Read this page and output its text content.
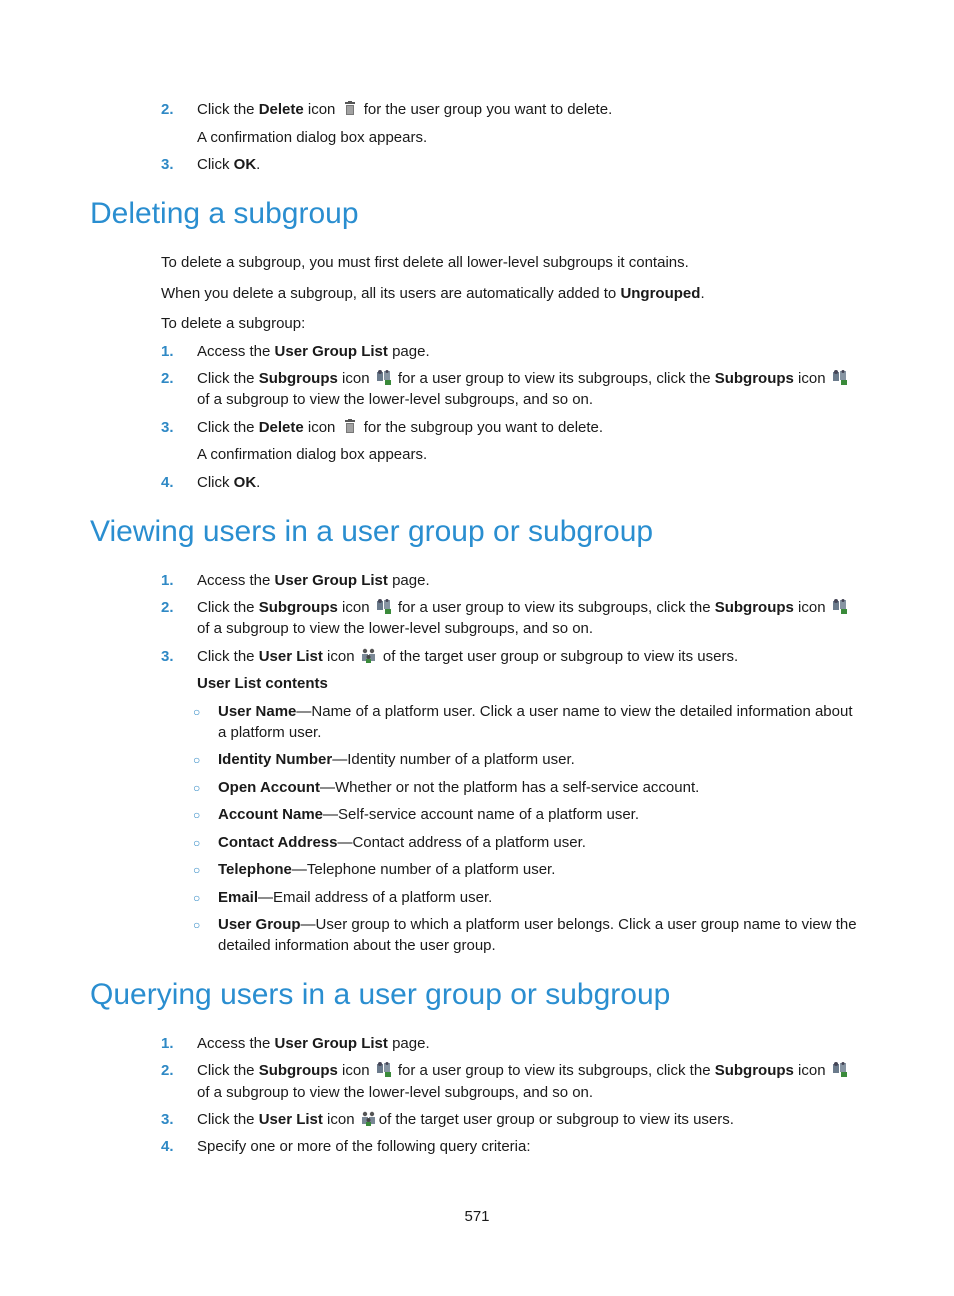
2. Click the Delete icon
for the user group you want to delete.
A confirmation dialog box appears.
3. Click OK.
Deleting a subgroup
To delete a subgroup, you must first delete all lower-level subgroups it contains.
When you delete a subgroup, all its users are automatically added to Ungrouped.
To delete a subgroup:
1. Access the User Group List page.
2. Click the Subgroups icon
for a user group to view its subgroups, click the Subgroups icon
of a subgroup to view the lower-level subgroups, and so on.
3. Click the Delete icon
for the subgroup you want to delete.
A confirmation dialog box appears.
4. Click OK.
Viewing users in a user group or subgroup
1. Access the User Group List page.
2. Click the Subgroups icon
for a user group to view its subgroups, click the Subgroups icon
of a subgroup to view the lower-level subgroups, and so on.
3. Click the User List icon
of the target user group or subgroup to view its users.
User List contents
○ User Name—Name of a platform user. Click a user name to view the detailed information about
a platform user.
○ Identity Number—Identity number of a platform user.
○ Open Account—Whether or not the platform has a self-service account.
○ Account Name—Self-service account name of a platform user.
○ Contact Address—Contact address of a platform user.
○ Telephone—Telephone number of a platform user.
○ Email—Email address of a platform user.
○ User Group—User group to which a platform user belongs. Click a user group name to view the
detailed information about the user group.
Querying users in a user group or subgroup
1. Access the User Group List page.
2. Click the Subgroups icon
for a user group to view its subgroups, click the Subgroups icon
of a subgroup to view the lower-level subgroups, and so on.
3. Click the User List icon of the target user group or subgroup to view its users.
4. Specify one or more of the following query criteria:
571
